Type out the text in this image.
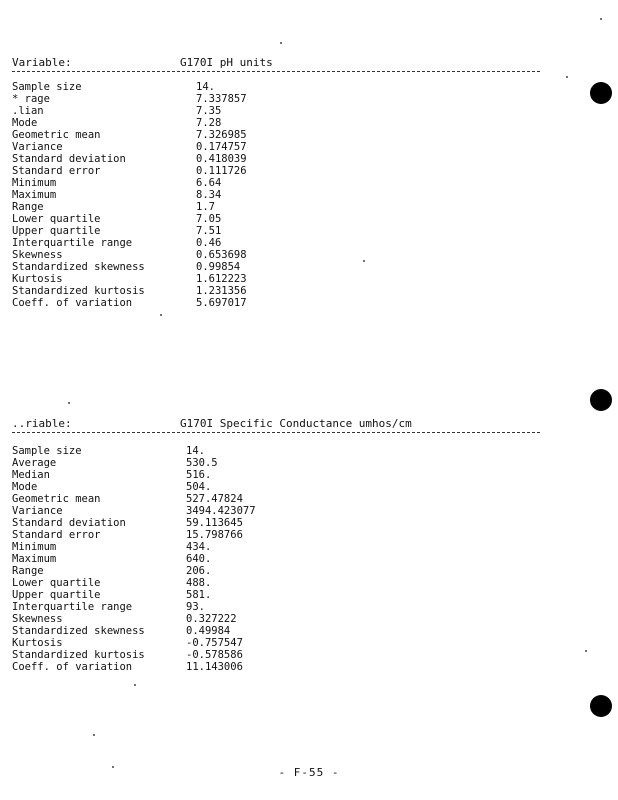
Variable:	G170I pH units
Sample size	14.
* rage	7.337857
.lian	7.35
Mode	7.28
Geometric mean	7.326985
Variance	0.174757
Standard deviation	0.418039
Standard error	0.111726
Minimum	6.64
Maximum	8.34
Range	1.7
Lower quartile	7.05
Upper quartile	7.51
Interquartile range	0.46
Skewness	0.653698
Standardized skewness	0.99854
Kurtosis	1.612223
Standardized kurtosis	1.231356
Coeff. of variation	5.697017
..riable:	G170I Specific Conductance umhos/cm
Sample size	14.
Average	530.5
Median	516.
Mode	504.
Geometric mean	527.47824
Variance	3494.423077
Standard deviation	59.113645
Standard error	15.798766
Minimum	434.
Maximum	640.
Range	206.
Lower quartile	488.
Upper quartile	581.
Interquartile range	93.
Skewness	0.327222
Standardized skewness	0.49984
Kurtosis	-0.757547
Standardized kurtosis	-0.578586
Coeff. of variation	11.143006
- F-55 -
